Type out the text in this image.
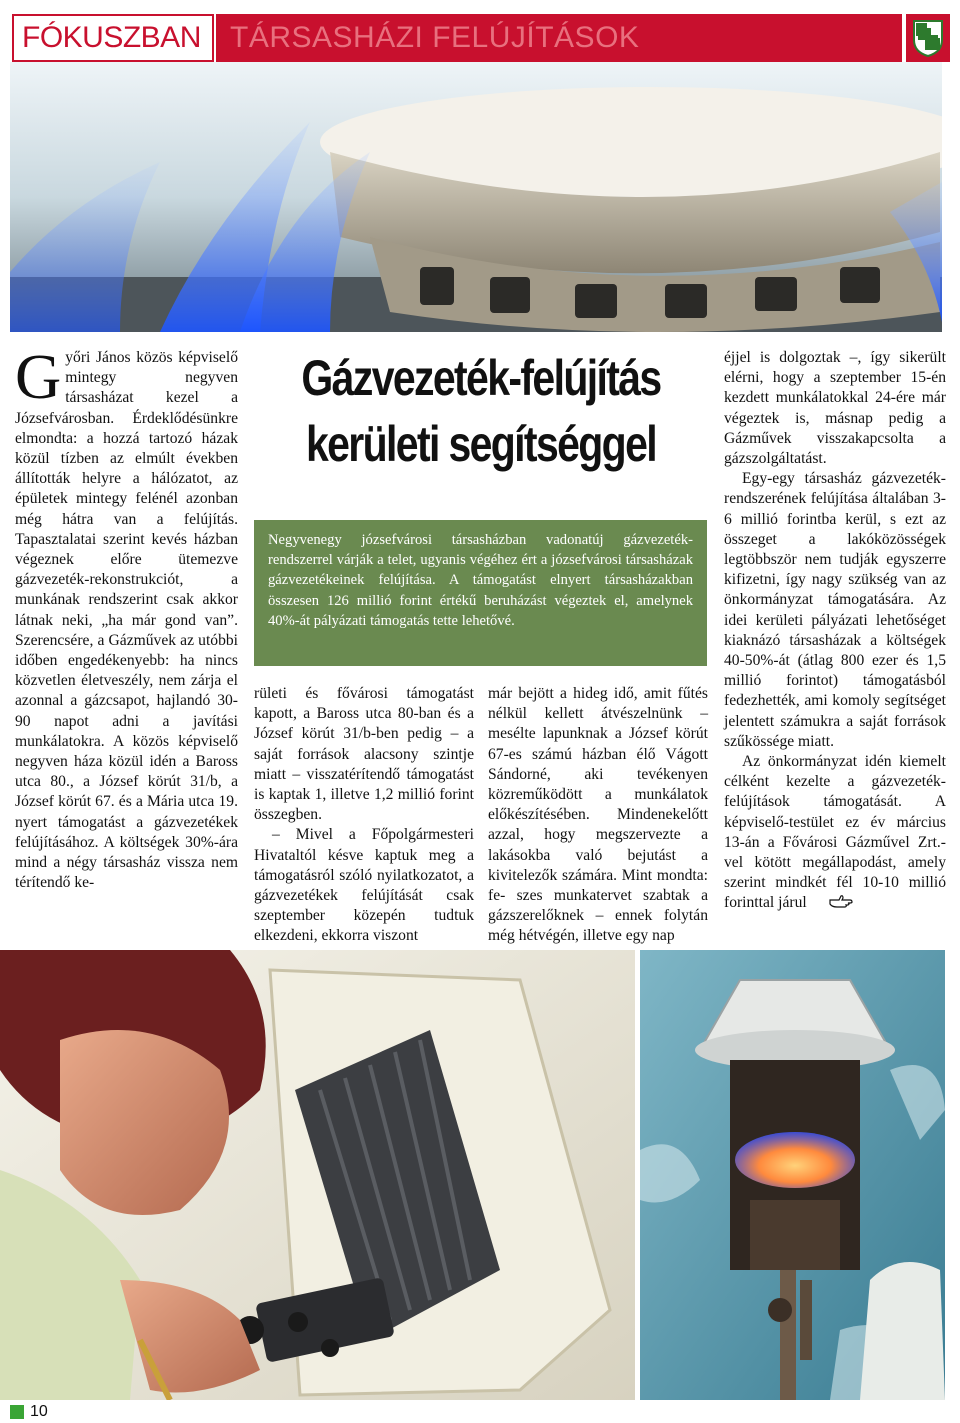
FÓKUSZBAN TÁRSASHÁZI FELÚJÍTÁSOK
Gázvezeték-felújítás
kerületi segítséggel
Negyvenegy józsefvárosi társasházban vadonatúj gázvezeték-rendszerrel várják a telet, ugyanis végéhez ért a józsefvárosi társasházak gázvezetékeinek felújítása. A támogatást elnyert társasházakban összesen 126 millió forint értékű beruházást végeztek el, amelynek 40%-át pályázati támogatás tette lehetővé.

Győri János közös képviselő mintegy negyven társasházat kezel a Józsefvárosban. Érdeklődésünkre elmondta: a hozzá tartozó házak közül tízben az elmúlt években állították helyre a hálózatot, az épületek mintegy felénél azonban még hátra van a felújítás. Tapasztalatai szerint kevés házban végeznek előre ütemezve gázvezeték-rekonstrukciót, a munkának rendszerint csak akkor látnak neki, „ha már gond van”. Szerencsére, a Gázművek az utóbbi időben engedékenyebb: ha nincs közvetlen életveszély, nem zárja el azonnal a gázcsapot, hajlandó 30-90 napot adni a javítási munkálatokra. A közös képviselő negyven háza közül idén a Baross utca 80., a József körút 31/b, a József körút 67. és a Mária utca 19. nyert támogatást a gázvezetékek felújításához. A költségek 30%-ára mind a négy társasház vissza nem térítendő ke-

rületi és fővárosi támogatást kapott, a Baross utca 80-ban és a József körút 31/b-ben pedig – a saját források alacsony szintje miatt – visszatérítendő támogatást is kaptak 1, illetve 1,2 millió forint összegben.

– Mivel a Főpolgármesteri Hivataltól késve kaptuk meg a támogatásról szóló nyilatkozatot, a gázvezetékek felújítását csak szeptember közepén tudtuk elkezdeni, ekkorra viszont

már bejött a hideg idő, amit fűtés nélkül kellett átvészelnünk – mesélte lapunknak a József körút 67-es számú házban élő Vágott Sándorné, aki tevékenyen közreműködött a munkálatok előkészítésében. Mindenekelőtt azzal, hogy megszervezte a lakásokba való bejutást a kivitelezők számára. Mint mondta: fe- szes munkatervet szabtak a gázszerelőknek – ennek folytán még hétvégén, illetve egy nap

éjjel is dolgoztak –, így sikerült elérni, hogy a szeptember 15-én kezdett munkálatokkal 24-ére már végeztek is, másnap pedig a Gázművek visszakapcsolta a gázszolgáltatást.

Egy-egy társasház gázvezeték-rendszerének felújítása általában 3-6 millió forintba kerül, s ezt az összeget a lakóközösségek legtöbbször nem tudják egyszerre kifizetni, így nagy szükség van az önkormányzat támogatására. Az idei kerületi pályázati lehetőséget kiaknázó társasházak a költségek 40-50%-át (átlag 800 ezer és 1,5 millió forintot) támogatásból fedezhették, ami komoly segítséget jelentett számukra a saját források szűkössége miatt.

Az önkormányzat idén kiemelt célként kezelte a gázvezeték-felújítások támogatását. A képviselő-testület ez év március 13-án a Fővárosi Gázművel Zrt.-vel kötött megállapodást, amely szerint mindkét fél 10-10 millió forinttal járul

10
